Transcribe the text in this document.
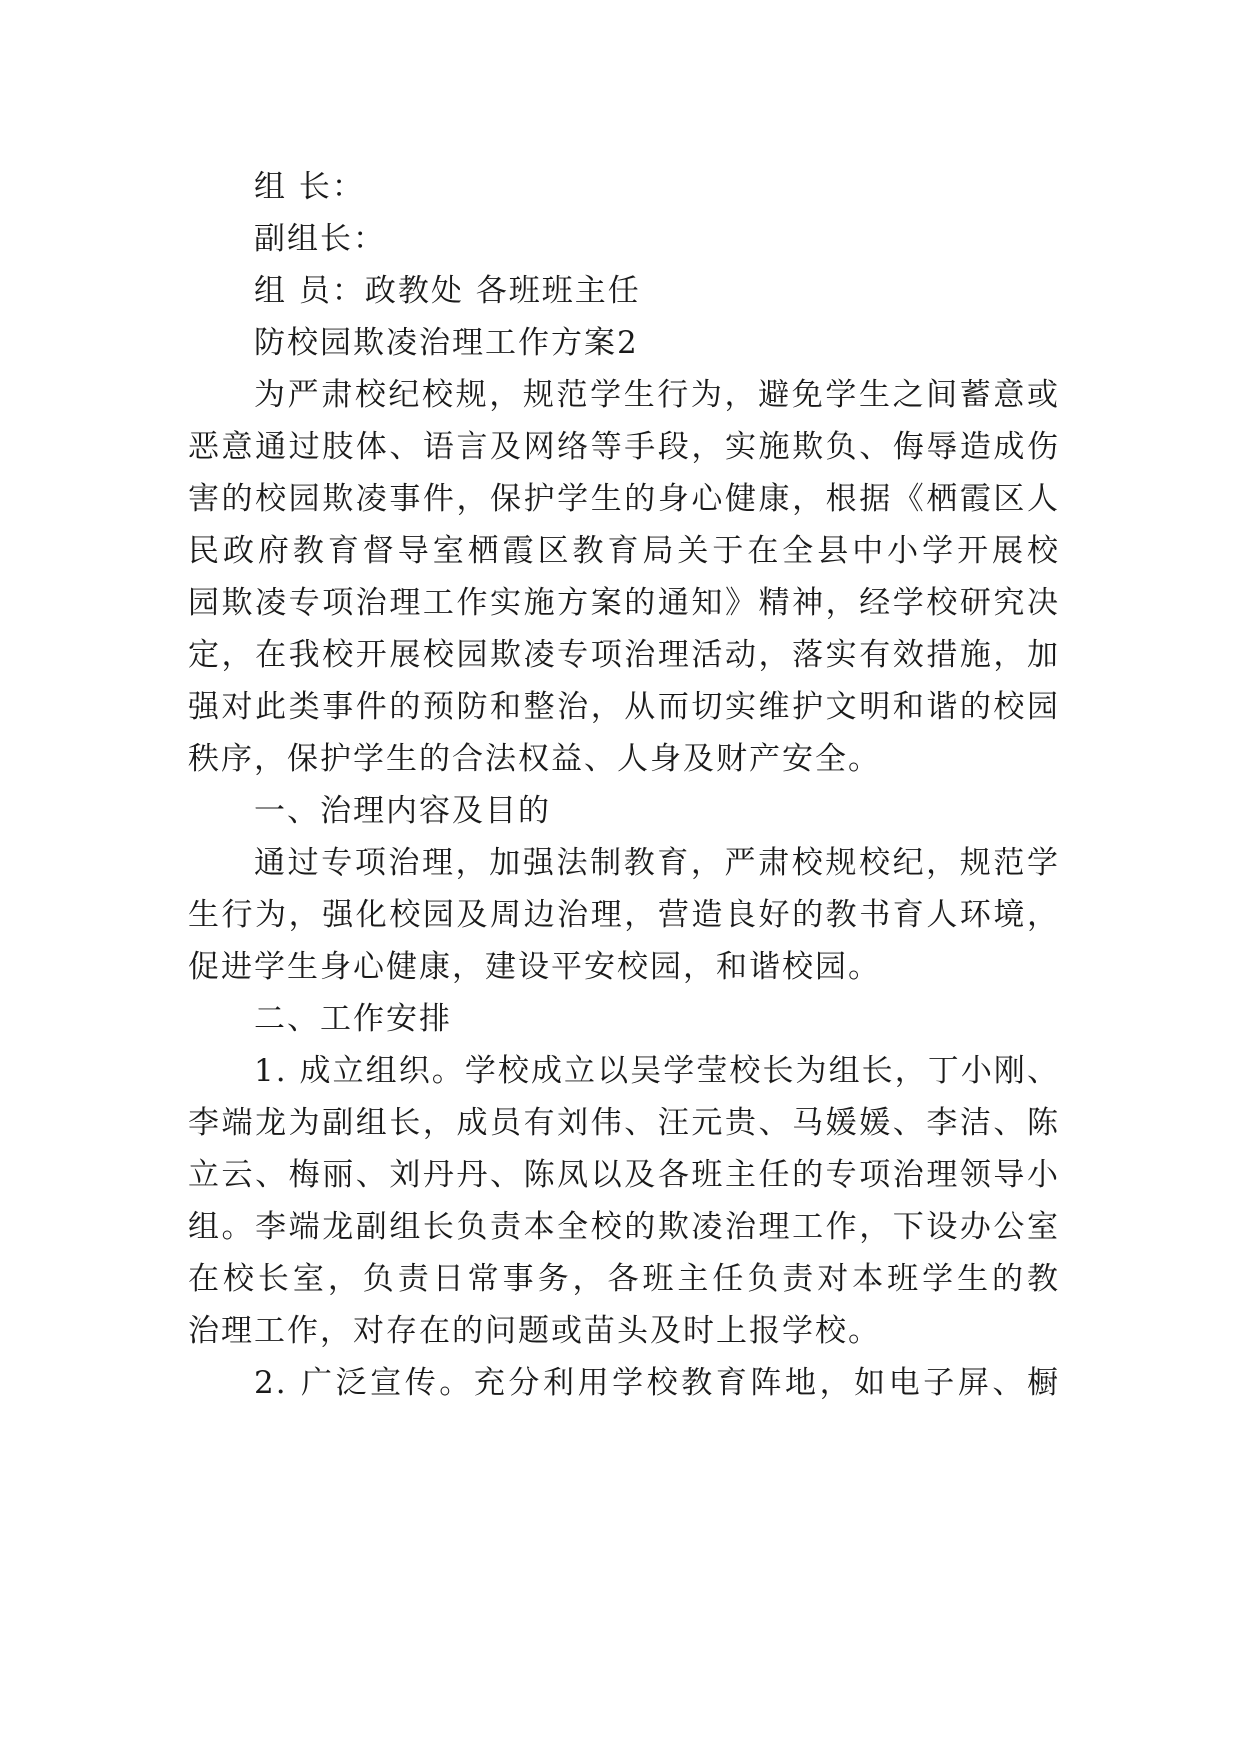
组 长：
副组长：
组 员：政教处 各班班主任
防校园欺凌治理工作方案2
为严肃校纪校规，规范学生行为，避免学生之间蓄意或
恶意通过肢体、语言及网络等手段，实施欺负、侮辱造成伤
害的校园欺凌事件，保护学生的身心健康，根据《栖霞区人
民政府教育督导室栖霞区教育局关于在全县中小学开展校
园欺凌专项治理工作实施方案的通知》精神，经学校研究决
定，在我校开展校园欺凌专项治理活动，落实有效措施，加
强对此类事件的预防和整治，从而切实维护文明和谐的校园
秩序，保护学生的合法权益、人身及财产安全。
一、治理内容及目的
通过专项治理，加强法制教育，严肃校规校纪，规范学
生行为，强化校园及周边治理，营造良好的教书育人环境，
促进学生身心健康，建设平安校园，和谐校园。
二、工作安排
1. 成立组织。学校成立以吴学莹校长为组长，丁小刚、
李端龙为副组长，成员有刘伟、汪元贵、马媛媛、李洁、陈
立云、梅丽、刘丹丹、陈凤以及各班主任的专项治理领导小
组。李端龙副组长负责本全校的欺凌治理工作，下设办公室
在校长室，负责日常事务，各班主任负责对本班学生的教
治理工作，对存在的问题或苗头及时上报学校。
2. 广泛宣传。充分利用学校教育阵地，如电子屏、橱
